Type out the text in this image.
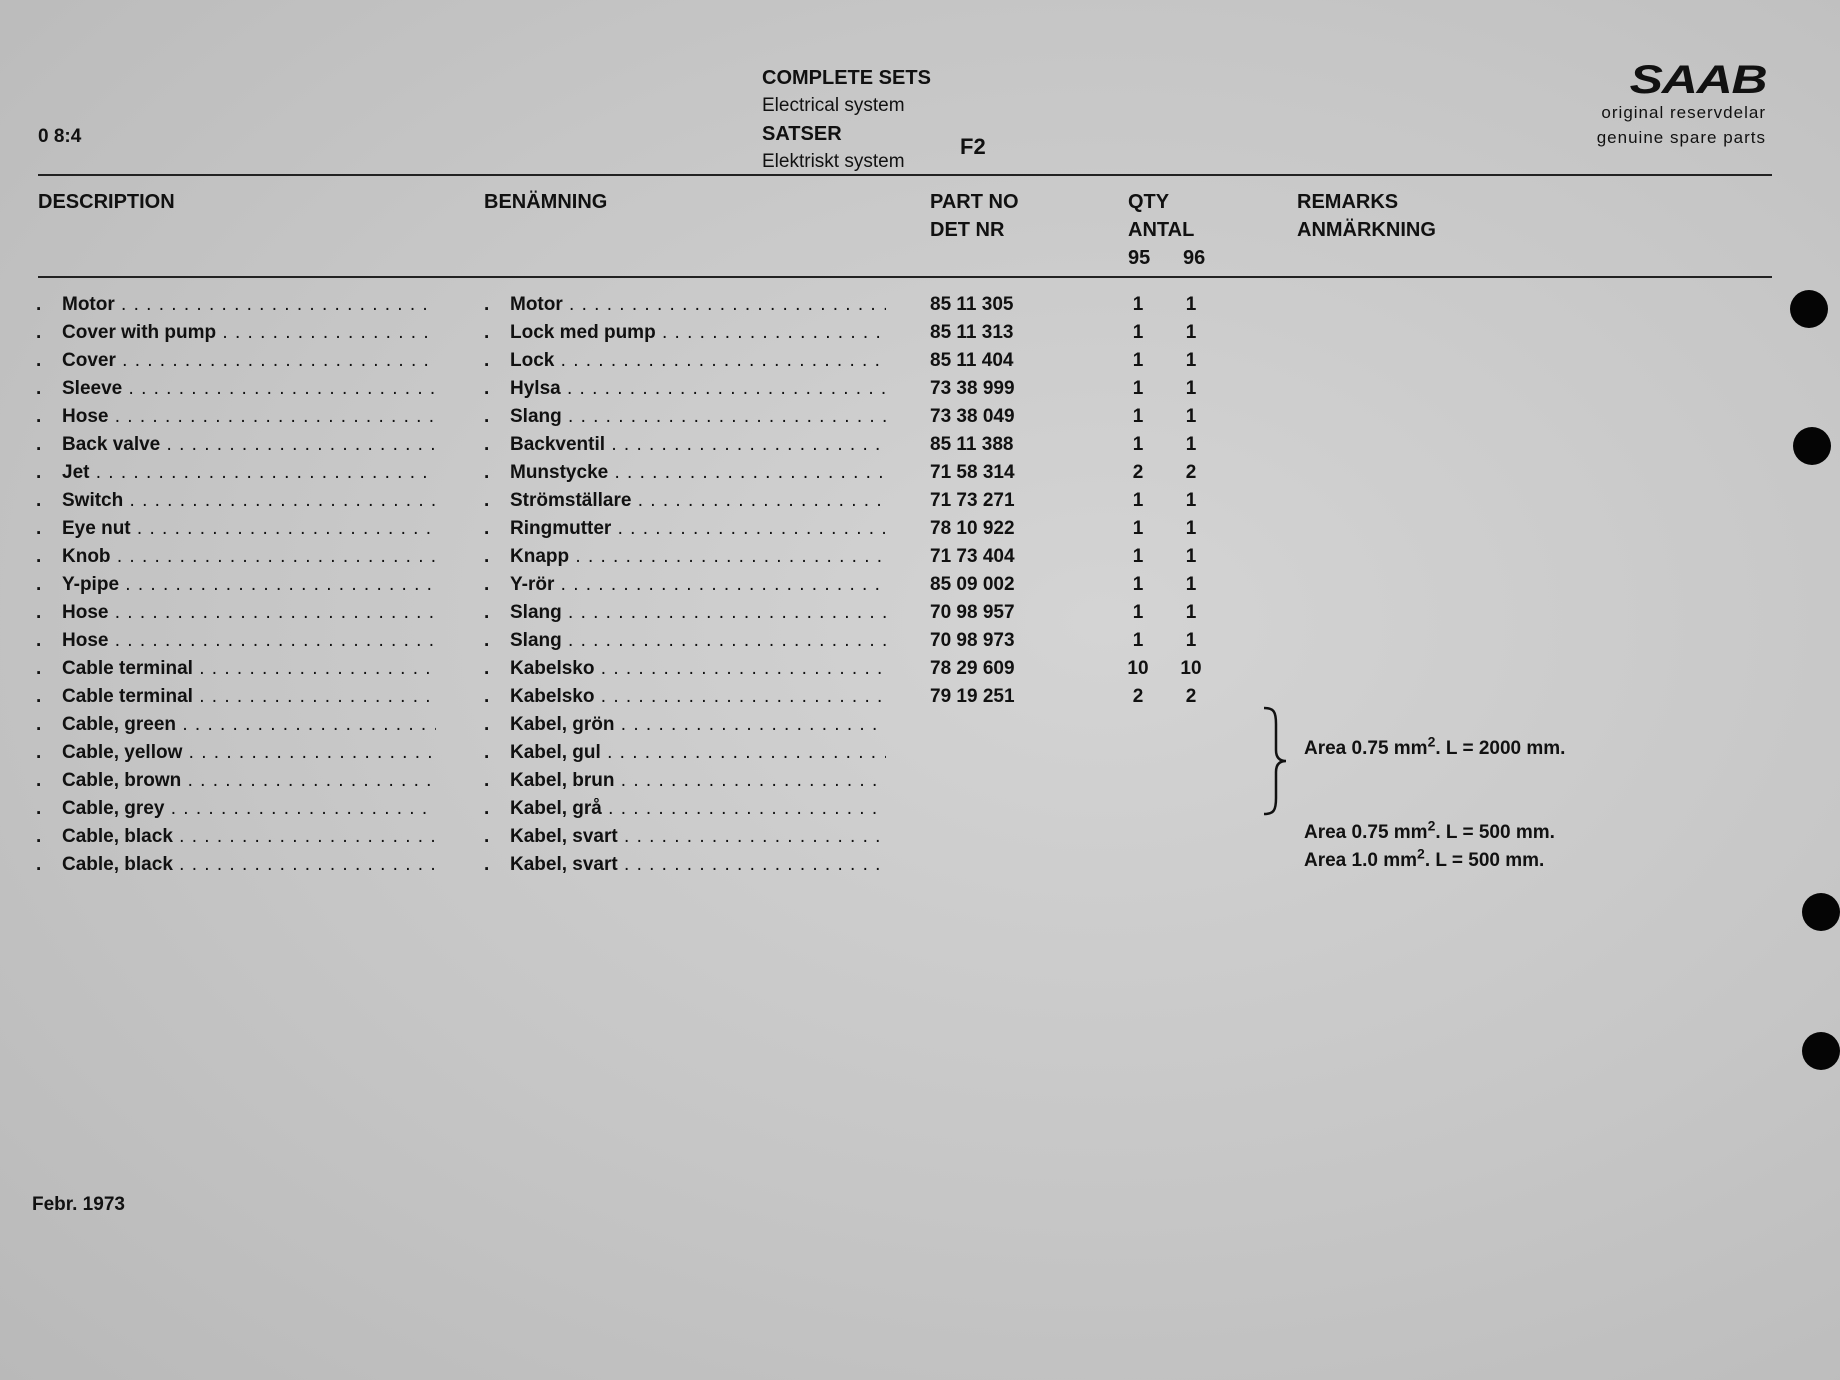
0 8:4
COMPLETE SETS
Electrical system
SATSER
Elektriskt system
F2
SAAB
original reservdelar
genuine spare parts
DESCRIPTION	BENÄMNING	PART NO
DET NR
QTY
ANTAL
95 96
REMARKS
ANMÄRKNING
. Motor . . .	. Motor . . .	85 11 305	1	1
. Cover with pump . . .	. Lock med pump . . .	85 11 313	1	1
. Cover . . .	. Lock . . .	85 11 404	1	1
. Sleeve . . .	. Hylsa . . .	73 38 999	1	1
. Hose . . .	. Slang . . .	73 38 049	1	1
. Back valve . . .	. Backventil . . .	85 11 388	1	1
. Jet . . .	. Munstycke . . .	71 58 314	2	2
. Switch . . .	. Strömställare . . .	71 73 271	1	1
. Eye nut . . .	. Ringmutter . . .	78 10 922	1	1
. Knob . . .	. Knapp . . .	71 73 404	1	1
. Y-pipe . . .	. Y-rör . . .	85 09 002	1	1
. Hose . . .	. Slang . . .	70 98 957	1	1
. Hose . . .	. Slang . . .	70 98 973	1	1
. Cable terminal . . .	. Kabelsko . . .	78 29 609	10	10
. Cable terminal . . .	. Kabelsko . . .	79 19 251	2	2
. Cable, green . . .	. Kabel, grön . . .
. Cable, yellow . . .	. Kabel, gul . . .
. Cable, brown . . .	. Kabel, brun . . .
. Cable, grey . . .	. Kabel, grå . . .
. Cable, black . . .	. Kabel, svart . . .
. Cable, black . . .	. Kabel, svart . . .
Area 0.75 $mm^2$. L = 2000 mm.
Area 0.75 $mm^2$. L = 500 mm.
Area 1.0 $mm^2$. L = 500 mm.
Febr. 1973
